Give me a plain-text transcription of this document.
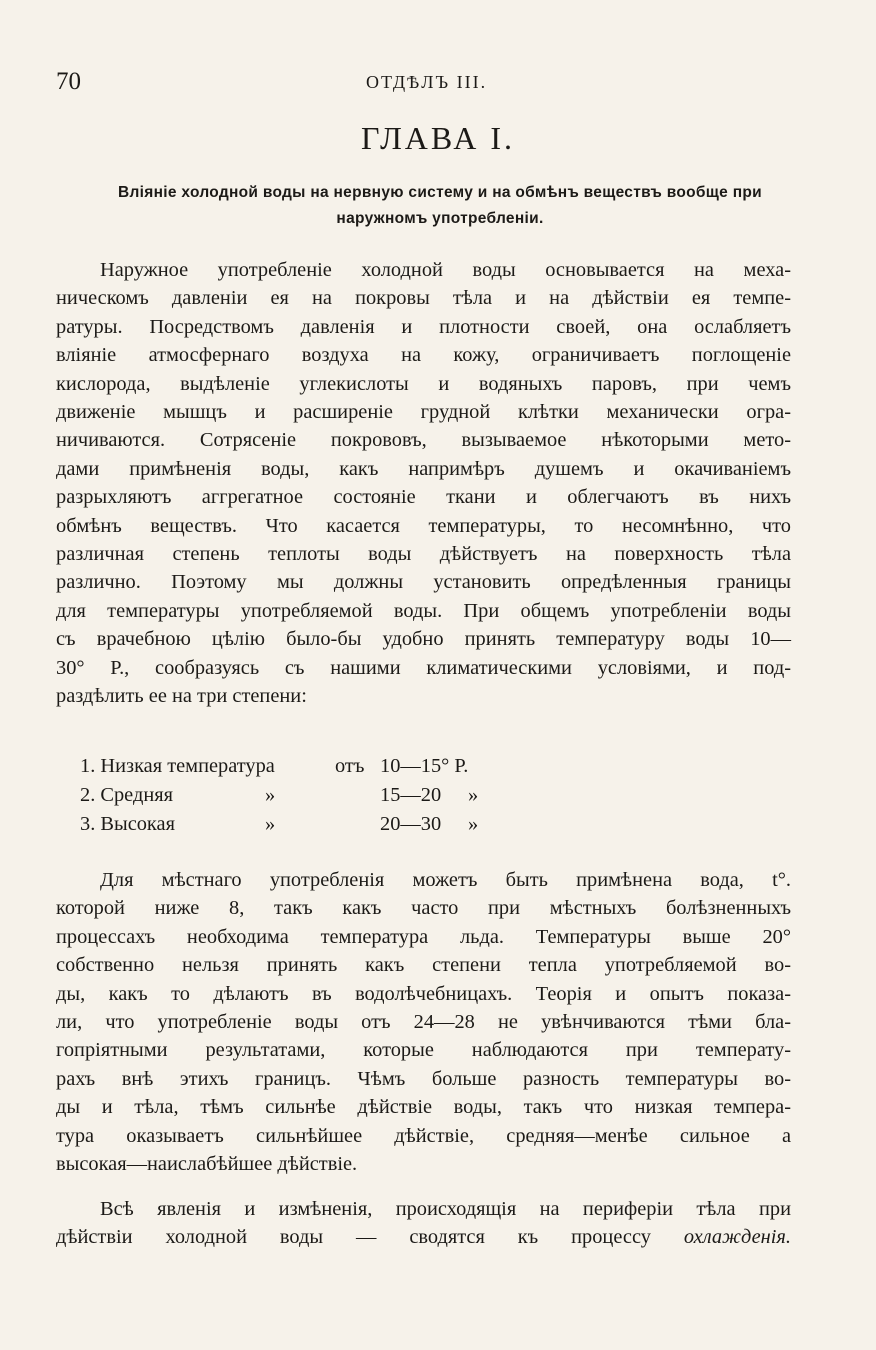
70	ОТДѢЛЪ III.
ГЛАВА I.
Вліяніе холодной воды на нервную систему и на обмѣнъ веществъ вообще при
наружномъ употребленіи.
Наружное употребленіе холодной воды основывается на меха-
ническомъ давленіи ея на покровы тѣла и на дѣйствіи ея темпе-
ратуры. Посредствомъ давленія и плотности своей, она ослабляетъ
вліяніе атмосфернаго воздуха на кожу, ограничиваетъ поглощеніе
кислорода, выдѣленіе углекислоты и водяныхъ паровъ, при чемъ
движеніе мышцъ и расширеніе грудной клѣтки механически огра-
ничиваются. Сотрясеніе покрововъ, вызываемое нѣкоторыми мето-
дами примѣненія воды, какъ напримѣръ душемъ и окачиваніемъ
разрыхляютъ аггрегатное состояніе ткани и облегчаютъ въ нихъ
обмѣнъ веществъ. Что касается температуры, то несомнѣнно, что
различная степень теплоты воды дѣйствуетъ на поверхность тѣла
различно. Поэтому мы должны установить опредѣленныя границы
для температуры употребляемой воды. При общемъ употребленіи воды
съ врачебною цѣлію было-бы удобно принять температуру воды 10—
30° Р., сообразуясь съ нашими климатическими условіями, и под-
раздѣлить ее на три степени:
1. Низкая температура	отъ 10—15° Р.
2. Средняя	»	15—20 »
3. Высокая	»	20—30 »
Для мѣстнаго употребленія можетъ быть примѣнена вода, t°.
которой ниже 8, такъ какъ часто при мѣстныхъ болѣзненныхъ
процессахъ необходима температура льда. Температуры выше 20°
собственно нельзя принять какъ степени тепла употребляемой во-
ды, какъ то дѣлаютъ въ водолѣчебницахъ. Теорія и опытъ показа-
ли, что употребленіе воды отъ 24—28 не увѣнчиваются тѣми бла-
гопріятными результатами, которые наблюдаются при температу-
рахъ внѣ этихъ границъ. Чѣмъ больше разность температуры во-
ды и тѣла, тѣмъ сильнѣе дѣйствіе воды, такъ что низкая темпера-
тура оказываетъ сильнѣйшее дѣйствіе, средняя—менѣе сильное а
высокая—наислабѣйшее дѣйствіе.
Всѣ явленія и измѣненія, происходящія на периферіи тѣла при
дѣйствіи холодной воды — сводятся къ процессу охлажденія.
